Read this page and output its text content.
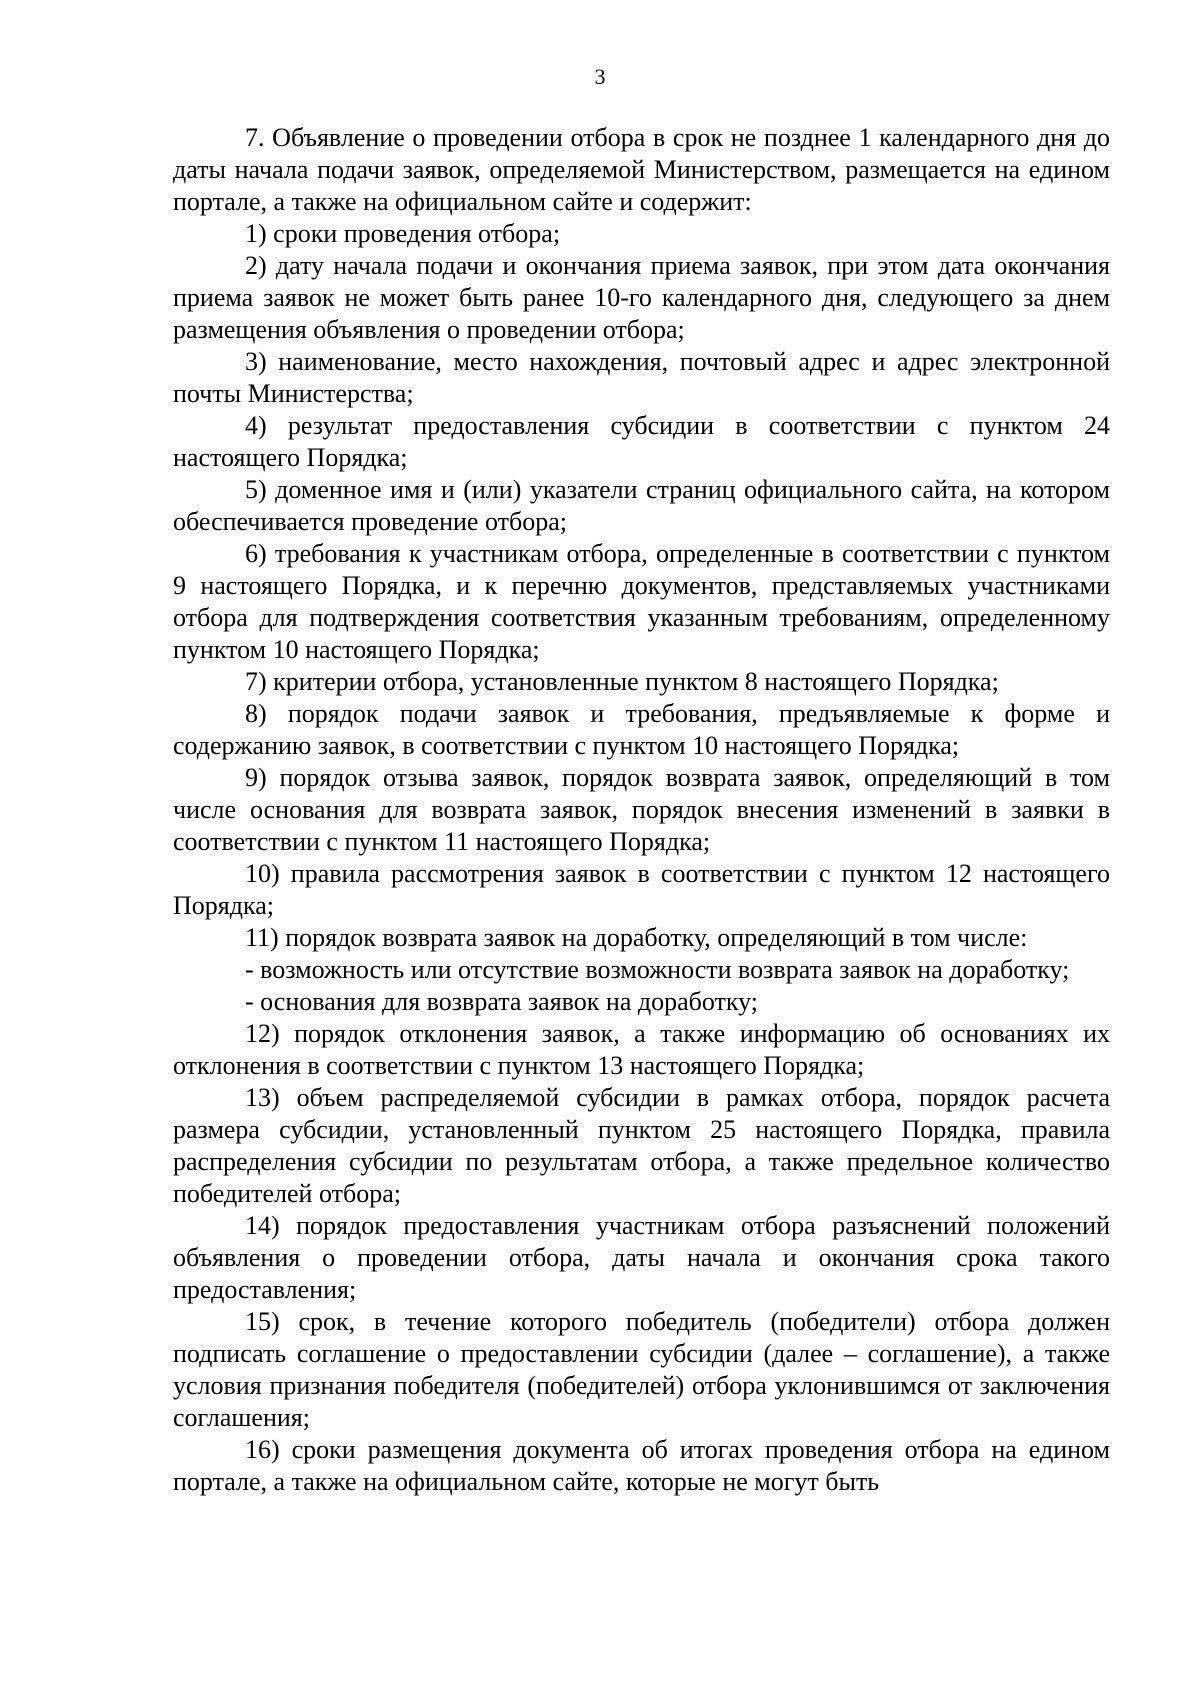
3

7. Объявление о проведении отбора в срок не позднее 1 календарного дня до даты начала подачи заявок, определяемой Министерством, размещается на едином портале, а также на официальном сайте и содержит:

1) сроки проведения отбора;

2) дату начала подачи и окончания приема заявок, при этом дата окончания приема заявок не может быть ранее 10-го календарного дня, следующего за днем размещения объявления о проведении отбора;

3) наименование, место нахождения, почтовый адрес и адрес электронной почты Министерства;

4) результат предоставления субсидии в соответствии с пунктом 24 настоящего Порядка;

5) доменное имя и (или) указатели страниц официального сайта, на котором обеспечивается проведение отбора;

6) требования к участникам отбора, определенные в соответствии с пунктом 9 настоящего Порядка, и к перечню документов, представляемых участниками отбора для подтверждения соответствия указанным требованиям, определенному пунктом 10 настоящего Порядка;

7) критерии отбора, установленные пунктом 8 настоящего Порядка;

8) порядок подачи заявок и требования, предъявляемые к форме и содержанию заявок, в соответствии с пунктом 10 настоящего Порядка;

9) порядок отзыва заявок, порядок возврата заявок, определяющий в том числе основания для возврата заявок, порядок внесения изменений в заявки в соответствии с пунктом 11 настоящего Порядка;

10) правила рассмотрения заявок в соответствии с пунктом 12 настоящего Порядка;

11) порядок возврата заявок на доработку, определяющий в том числе:

- возможность или отсутствие возможности возврата заявок на доработку;

- основания для возврата заявок на доработку;

12) порядок отклонения заявок, а также информацию об основаниях их отклонения в соответствии с пунктом 13 настоящего Порядка;

13) объем распределяемой субсидии в рамках отбора, порядок расчета размера субсидии, установленный пунктом 25 настоящего Порядка, правила распределения субсидии по результатам отбора, а также предельное количество победителей отбора;

14) порядок предоставления участникам отбора разъяснений положений объявления о проведении отбора, даты начала и окончания срока такого предоставления;

15) срок, в течение которого победитель (победители) отбора должен подписать соглашение о предоставлении субсидии (далее – соглашение), а также условия признания победителя (победителей) отбора уклонившимся от заключения соглашения;

16) сроки размещения документа об итогах проведения отбора на едином портале, а также на официальном сайте, которые не могут быть
